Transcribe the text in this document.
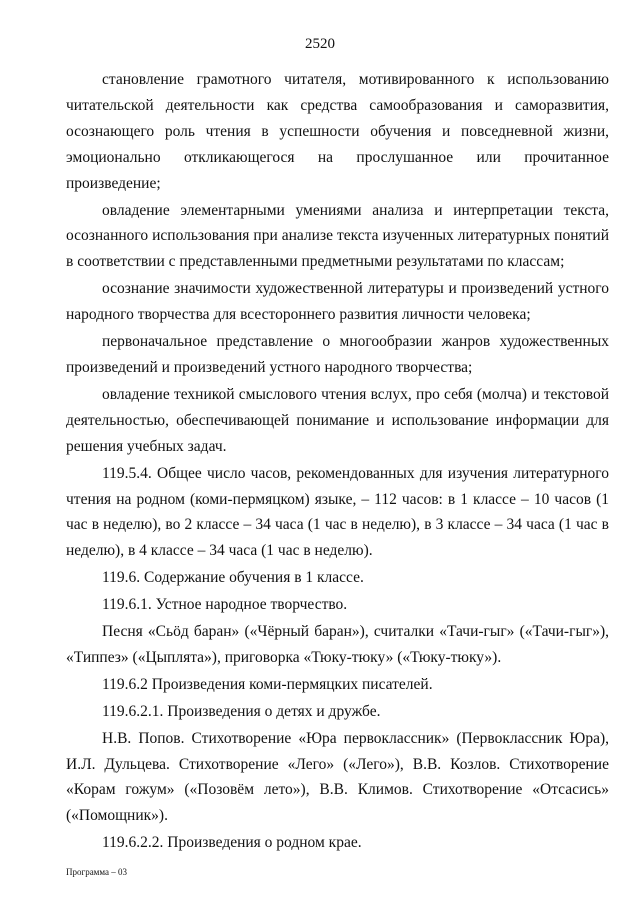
2520

становление грамотного читателя, мотивированного к использованию читательской деятельности как средства самообразования и саморазвития, осознающего роль чтения в успешности обучения и повседневной жизни, эмоционально откликающегося на прослушанное или прочитанное произведение;

овладение элементарными умениями анализа и интерпретации текста, осознанного использования при анализе текста изученных литературных понятий в соответствии с представленными предметными результатами по классам;

осознание значимости художественной литературы и произведений устного народного творчества для всестороннего развития личности человека;

первоначальное представление о многообразии жанров художественных произведений и произведений устного народного творчества;

овладение техникой смыслового чтения вслух, про себя (молча) и текстовой деятельностью, обеспечивающей понимание и использование информации для решения учебных задач.

119.5.4. Общее число часов, рекомендованных для изучения литературного чтения на родном (коми-пермяцком) языке, – 112 часов: в 1 классе – 10 часов (1 час в неделю), во 2 классе – 34 часа (1 час в неделю), в 3 классе – 34 часа (1 час в неделю), в 4 классе – 34 часа (1 час в неделю).

119.6. Содержание обучения в 1 классе.

119.6.1. Устное народное творчество.

Песня «Сьӧд баран» («Чёрный баран»), считалки «Тачи-гыг» («Тачи-гыг»), «Типпез» («Цыплята»), приговорка «Тюку-тюку» («Тюку-тюку»).

119.6.2 Произведения коми-пермяцких писателей.

119.6.2.1. Произведения о детях и дружбе.

Н.В. Попов. Стихотворение «Юра первоклассник» (Первоклассник Юра), И.Л. Дульцева. Стихотворение «Лего» («Лего»), В.В. Козлов. Стихотворение «Корам гожум» («Позовём лето»), В.В. Климов. Стихотворение «Отсасись» («Помощник»).

119.6.2.2. Произведения о родном крае.

Программа – 03
